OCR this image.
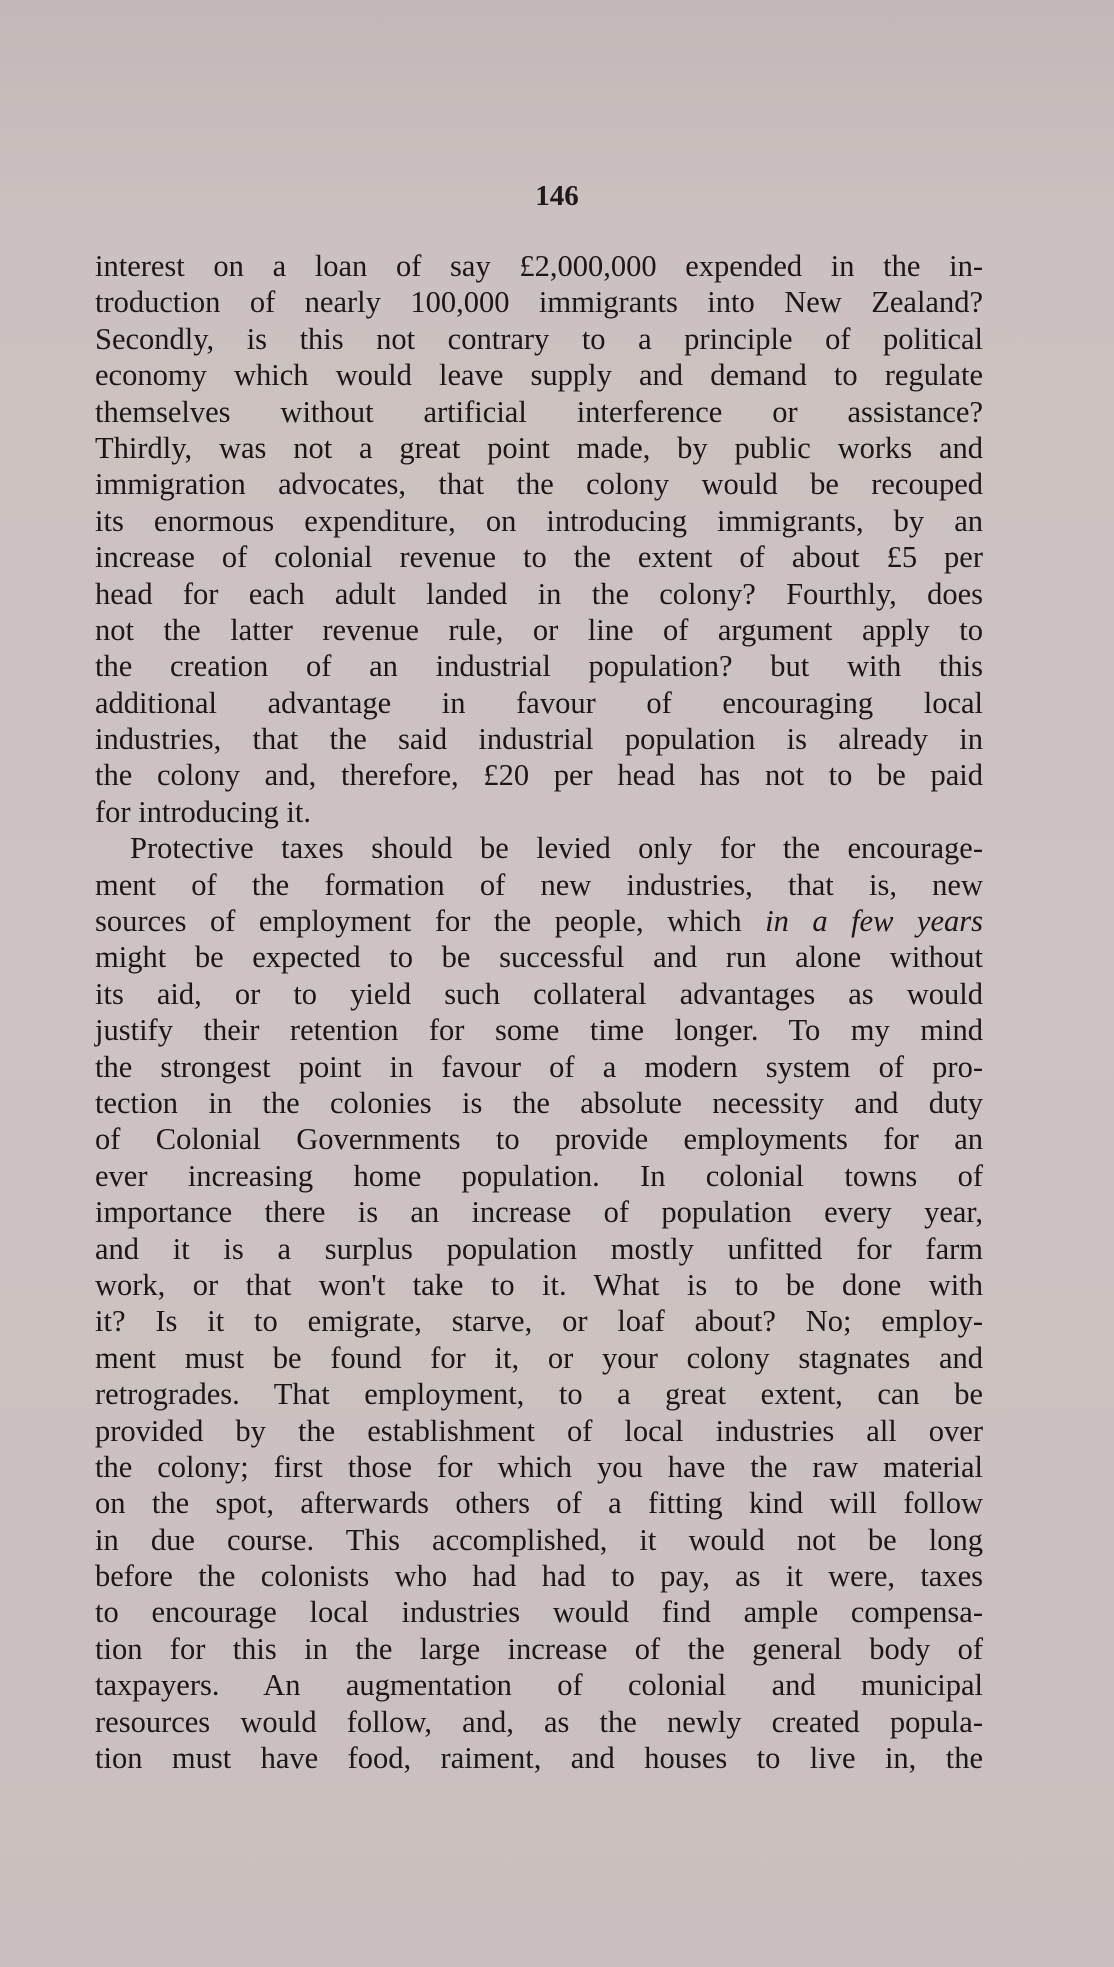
146
interest on a loan of say £2,000,000 expended in the in-
troduction of nearly 100,000 immigrants into New Zealand?
Secondly, is this not contrary to a principle of political
economy which would leave supply and demand to regulate
themselves without artificial interference or assistance?
Thirdly, was not a great point made, by public works and
immigration advocates, that the colony would be recouped
its enormous expenditure, on introducing immigrants, by an
increase of colonial revenue to the extent of about £5 per
head for each adult landed in the colony? Fourthly, does
not the latter revenue rule, or line of argument apply to
the creation of an industrial population? but with this
additional advantage in favour of encouraging local
industries, that the said industrial population is already in
the colony and, therefore, £20 per head has not to be paid
for introducing it.
Protective taxes should be levied only for the encourage-
ment of the formation of new industries, that is, new
sources of employment for the people, which in a few years
might be expected to be successful and run alone without
its aid, or to yield such collateral advantages as would
justify their retention for some time longer. To my mind
the strongest point in favour of a modern system of pro-
tection in the colonies is the absolute necessity and duty
of Colonial Governments to provide employments for an
ever increasing home population. In colonial towns of
importance there is an increase of population every year,
and it is a surplus population mostly unfitted for farm
work, or that won't take to it. What is to be done with
it? Is it to emigrate, starve, or loaf about? No; employ-
ment must be found for it, or your colony stagnates and
retrogrades. That employment, to a great extent, can be
provided by the establishment of local industries all over
the colony; first those for which you have the raw material
on the spot, afterwards others of a fitting kind will follow
in due course. This accomplished, it would not be long
before the colonists who had had to pay, as it were, taxes
to encourage local industries would find ample compensa-
tion for this in the large increase of the general body of
taxpayers. An augmentation of colonial and municipal
resources would follow, and, as the newly created popula-
tion must have food, raiment, and houses to live in, the
